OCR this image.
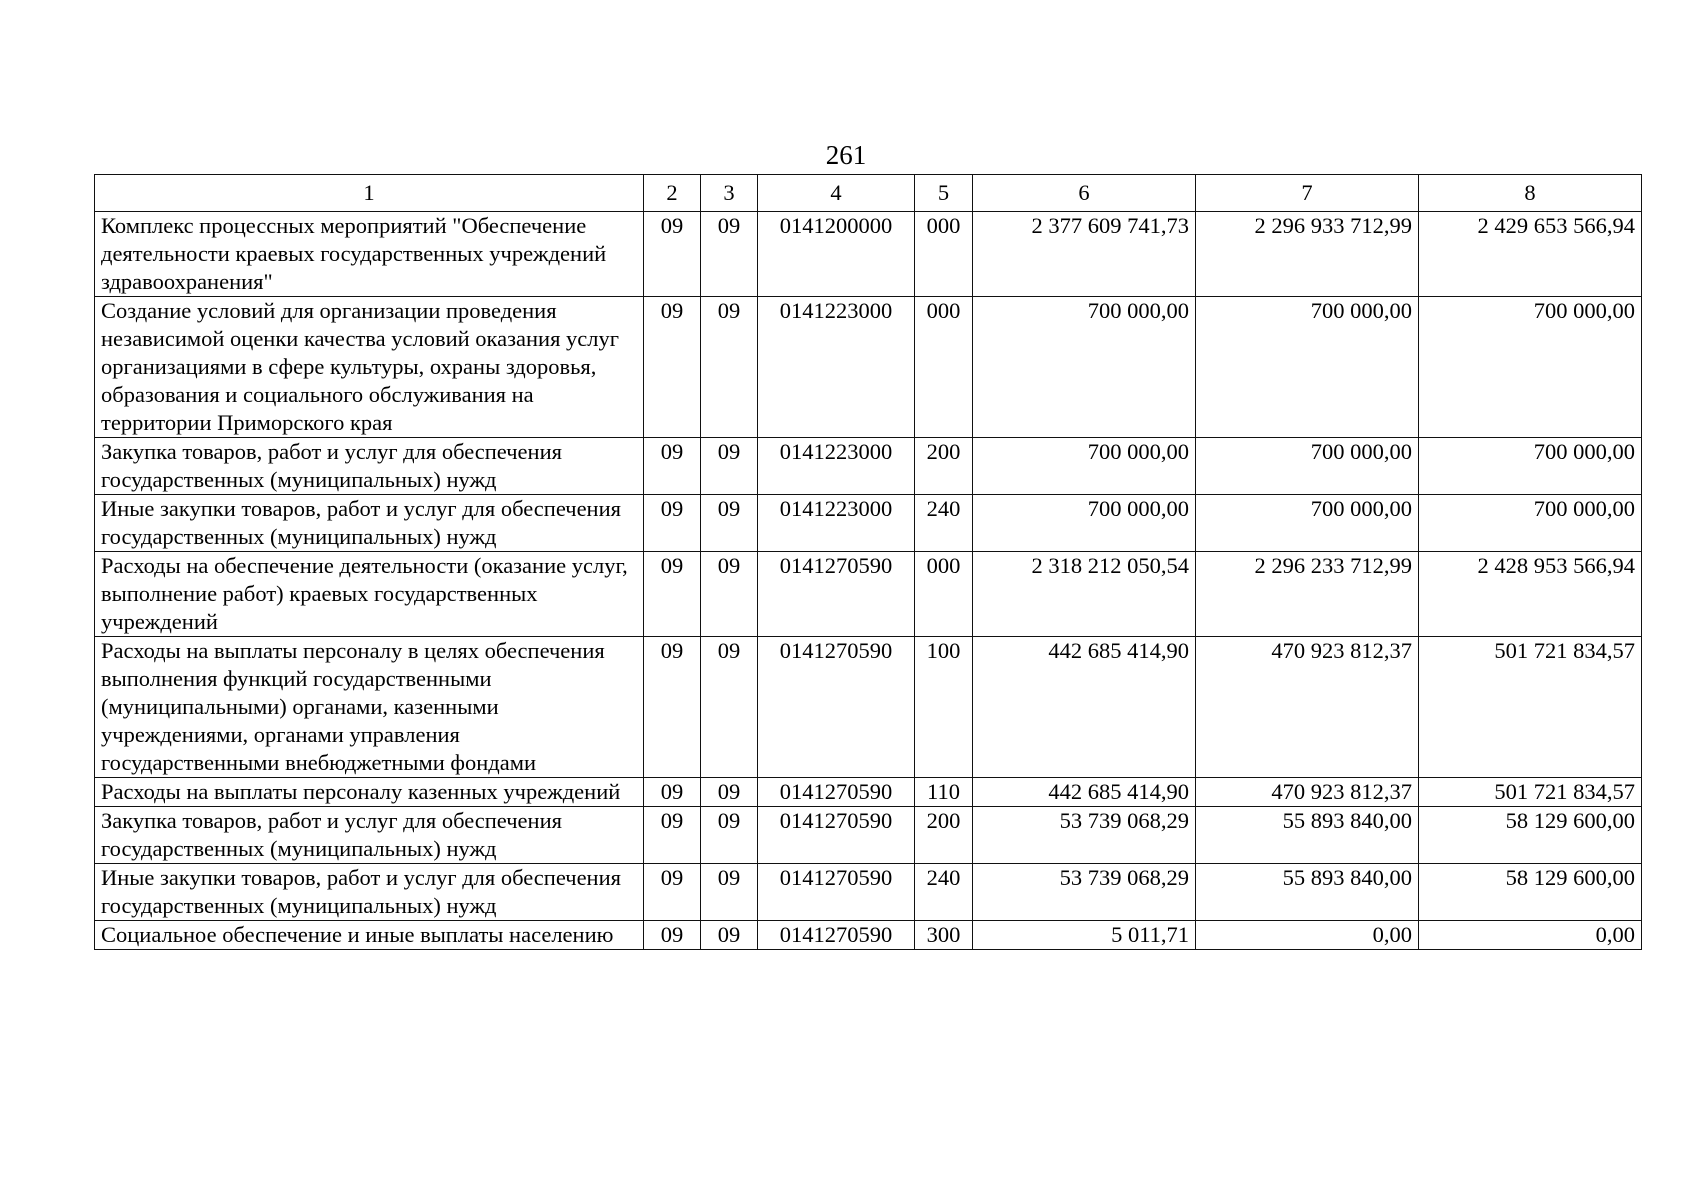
261
1	2	3	4	5	6	7	8
Комплекс процессных мероприятий "Обеспечение деятельности краевых государственных учреждений здравоохранения"	09	09	0141200000	000	2 377 609 741,73	2 296 933 712,99	2 429 653 566,94
Создание условий для организации проведения независимой оценки качества условий оказания услуг организациями в сфере культуры, охраны здоровья, образования и социального обслуживания на территории Приморского края	09	09	0141223000	000	700 000,00	700 000,00	700 000,00
Закупка товаров, работ и услуг для обеспечения государственных (муниципальных) нужд	09	09	0141223000	200	700 000,00	700 000,00	700 000,00
Иные закупки товаров, работ и услуг для обеспечения государственных (муниципальных) нужд	09	09	0141223000	240	700 000,00	700 000,00	700 000,00
Расходы на обеспечение деятельности (оказание услуг, выполнение работ) краевых государственных учреждений	09	09	0141270590	000	2 318 212 050,54	2 296 233 712,99	2 428 953 566,94
Расходы на выплаты персоналу в целях обеспечения выполнения функций государственными (муниципальными) органами, казенными учреждениями, органами управления государственными внебюджетными фондами	09	09	0141270590	100	442 685 414,90	470 923 812,37	501 721 834,57
Расходы на выплаты персоналу казенных учреждений	09	09	0141270590	110	442 685 414,90	470 923 812,37	501 721 834,57
Закупка товаров, работ и услуг для обеспечения государственных (муниципальных) нужд	09	09	0141270590	200	53 739 068,29	55 893 840,00	58 129 600,00
Иные закупки товаров, работ и услуг для обеспечения государственных (муниципальных) нужд	09	09	0141270590	240	53 739 068,29	55 893 840,00	58 129 600,00
Социальное обеспечение и иные выплаты населению	09	09	0141270590	300	5 011,71	0,00	0,00
